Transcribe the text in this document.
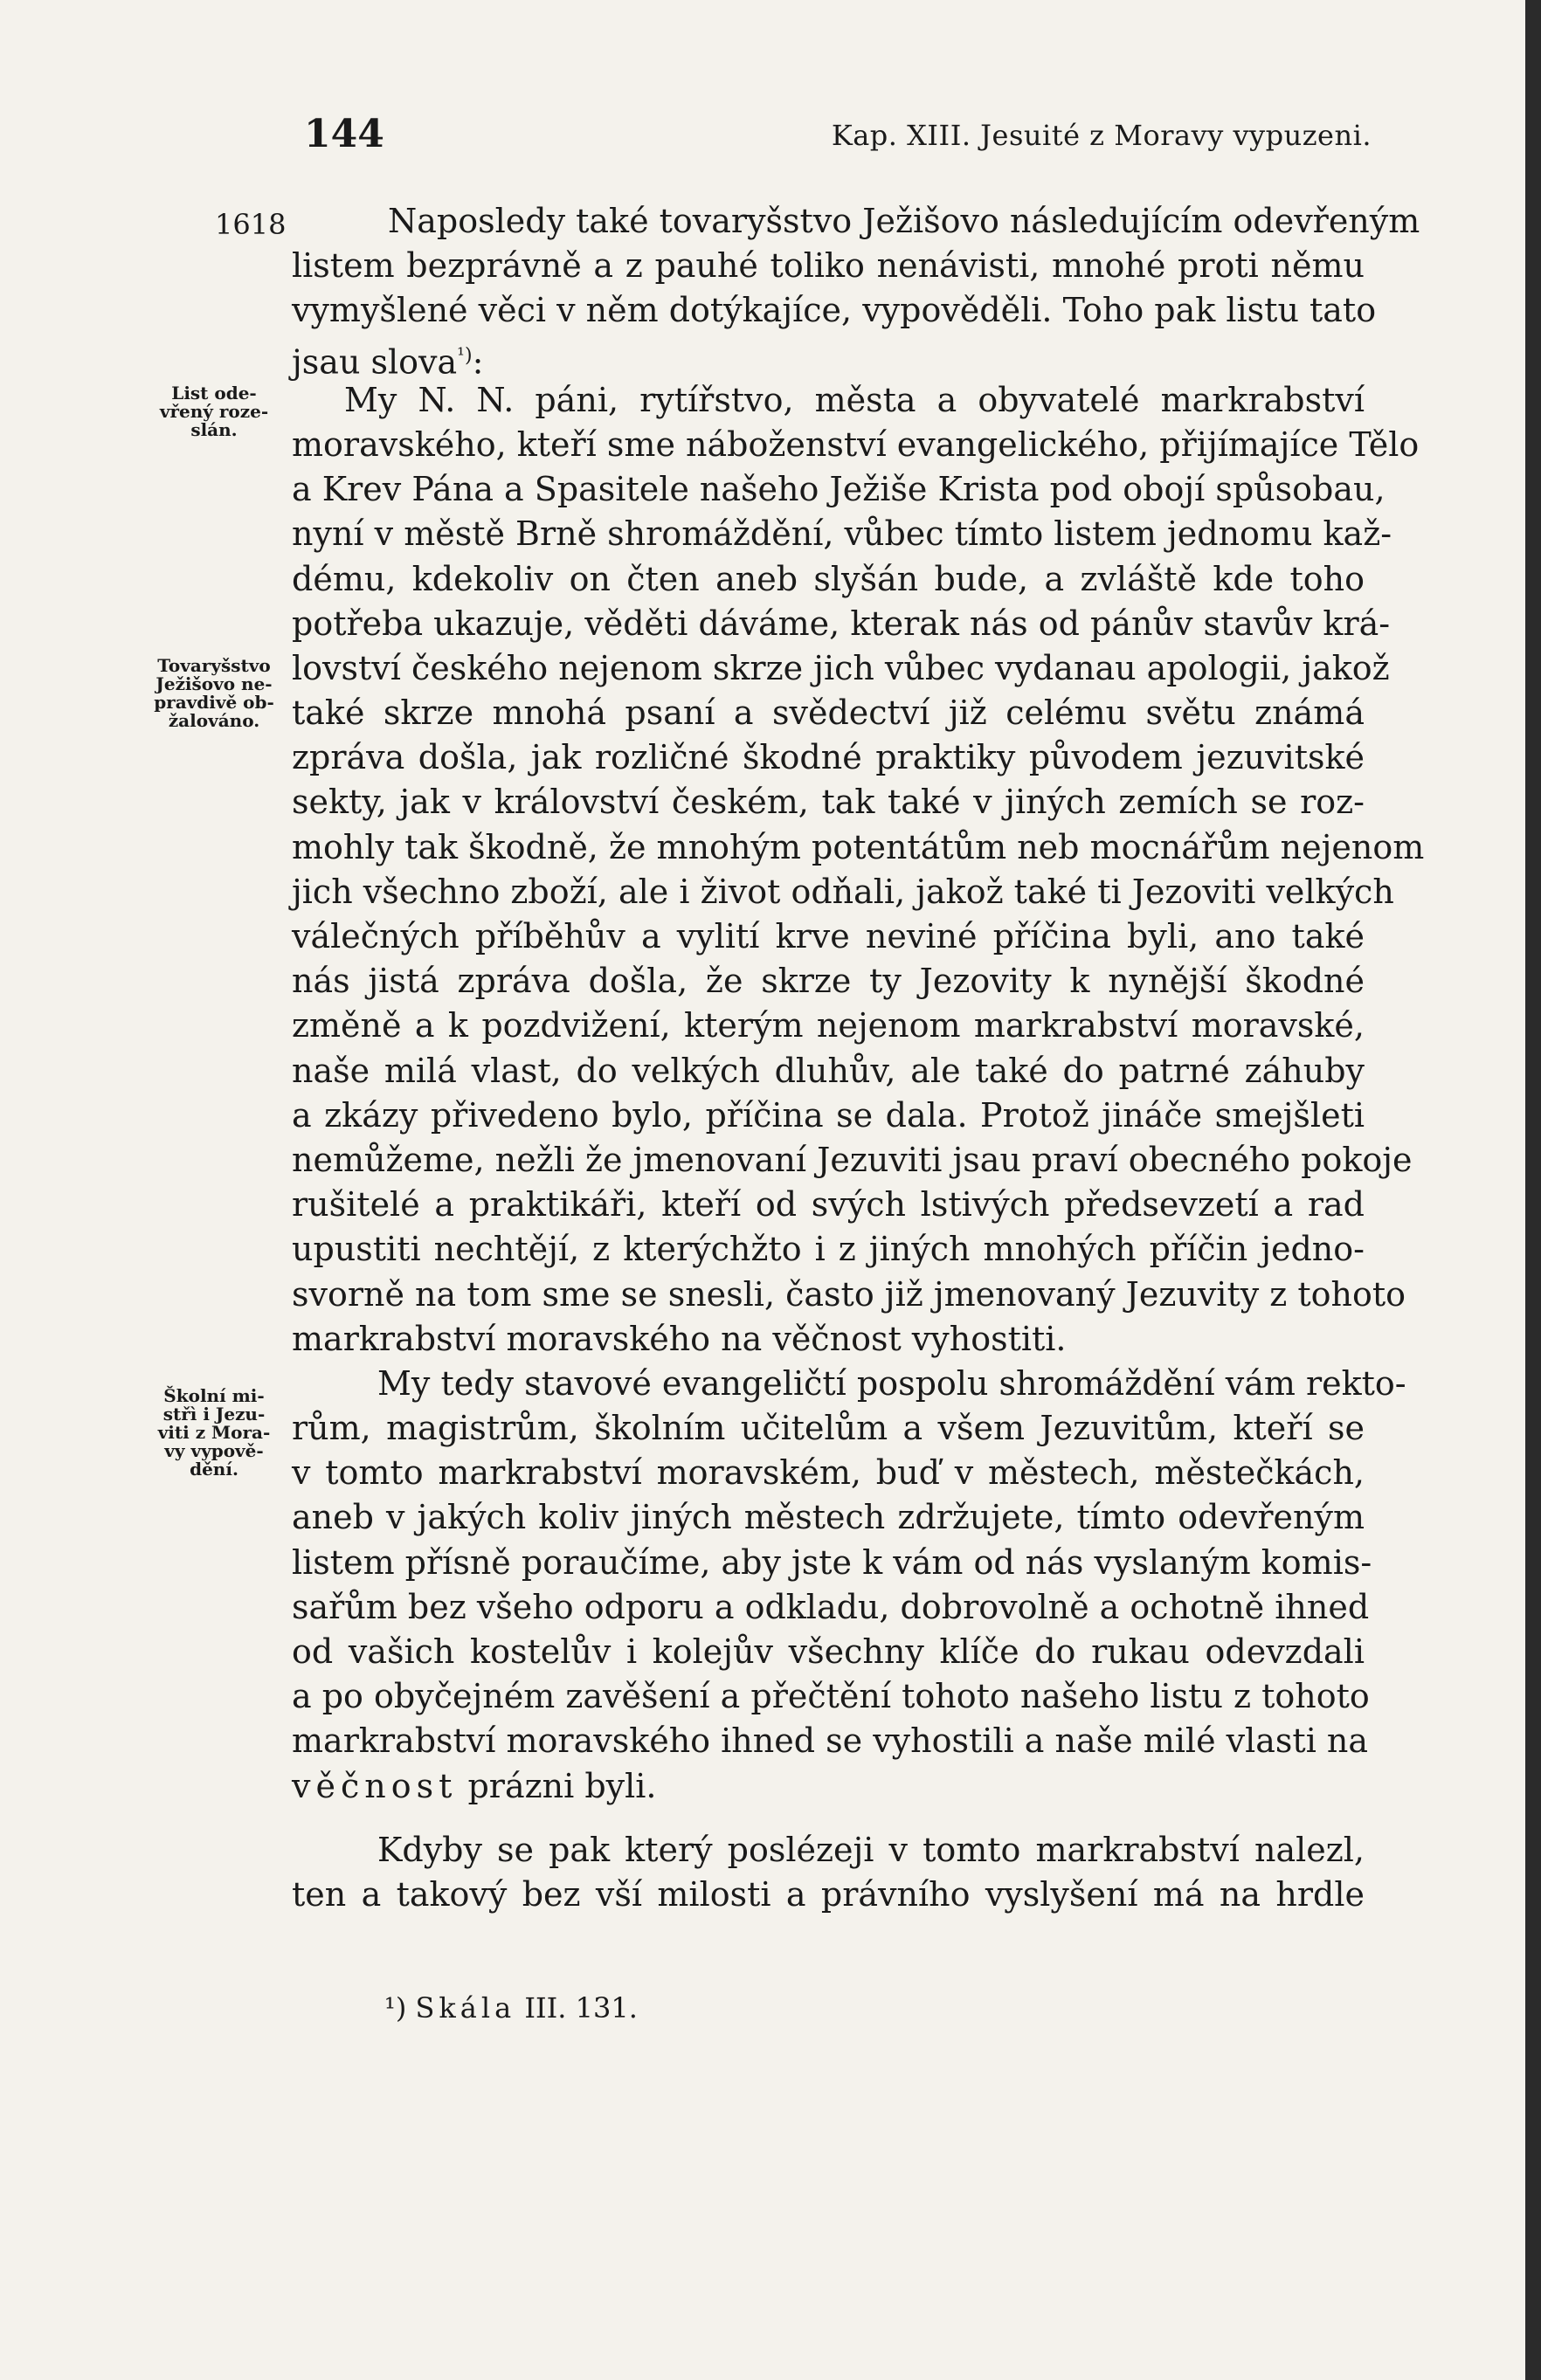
144	Kap. XIII. Jesuité z Moravy vypuzeni.
1618
List ode-
vřený roze-
slán.
Tovaryšstvo
Ježišovo ne-
pravdivě ob-
žalováno.
Školní mi-
střì i Jezu-
viti z Mora-
vy vypově-
dění.
Naposledy také tovaryšstvo Ježišovo následujícím odevřeným
listem bezprávně a z pauhé toliko nenávisti, mnohé proti němu
vymyšlené věci v něm dotýkajíce, vypověděli. Toho pak listu tato
jsau slova$^{^1)}$:
My N. N. páni, rytířstvo, města a obyvatelé markrabství
moravského, kteří sme náboženství evangelického, přijímajíce Tělo
a Krev Pána a Spasitele našeho Ježiše Krista pod obojí spůsobau,
nyní v městě Brně shromáždění, vůbec tímto listem jednomu kaž-
dému, kdekoliv on čten aneb slyšán bude, a zvláště kde toho
potřeba ukazuje, věděti dáváme, kterak nás od pánův stavův krá-
lovství českého nejenom skrze jich vůbec vydanau apologii, jakož
také skrze mnohá psaní a svědectví již celému světu známá
zpráva došla, jak rozličné škodné praktiky původem jezuvitské
sekty, jak v království českém, tak také v jiných zemích se roz-
mohly tak škodně, že mnohým potentátům neb mocnářům nejenom
jich všechno zboží, ale i život odňali, jakož také ti Jezoviti velkých
válečných příběhův a vylití krve neviné příčina byli, ano také
nás jistá zpráva došla, že skrze ty Jezovity k nynější škodné
změně a k pozdvižení, kterým nejenom markrabství moravské,
naše milá vlast, do velkých dluhův, ale také do patrné záhuby
a zkázy přivedeno bylo, příčina se dala. Protož jináče smejšleti
nemůžeme, nežli že jmenovaní Jezuviti jsau praví obecného pokoje
rušitelé a praktikáři, kteří od svých lstivých předsevzetí a rad
upustiti nechtějí, z kterýchžto i z jiných mnohých příčin jedno-
svorně na tom sme se snesli, často již jmenovaný Jezuvity z tohoto
markrabství moravského na věčnost vyhostiti.
My tedy stavové evangeličtí pospolu shromáždění vám rekto-
rům, magistrům, školním učitelům a všem Jezuvitům, kteří se
v tomto markrabství moravském, buď v městech, městečkách,
aneb v jakých koliv jiných městech zdržujete, tímto odevřeným
listem přísně poraučíme, aby jste k vám od nás vyslaným komis-
sařům bez všeho odporu a odkladu, dobrovolně a ochotně ihned
od vašich kostelův i kolejův všechny klíče do rukau odevzdali
a po obyčejném zavěšení a přečtění tohoto našeho listu z tohoto
markrabství moravského ihned se vyhostili a naše milé vlasti na
věčnost prázni byli.
Kdyby se pak který poslézeji v tomto markrabství nalezl,
ten a takový bez vší milosti a právního vyslyšení má na hrdle
¹) Skála III. 131.
